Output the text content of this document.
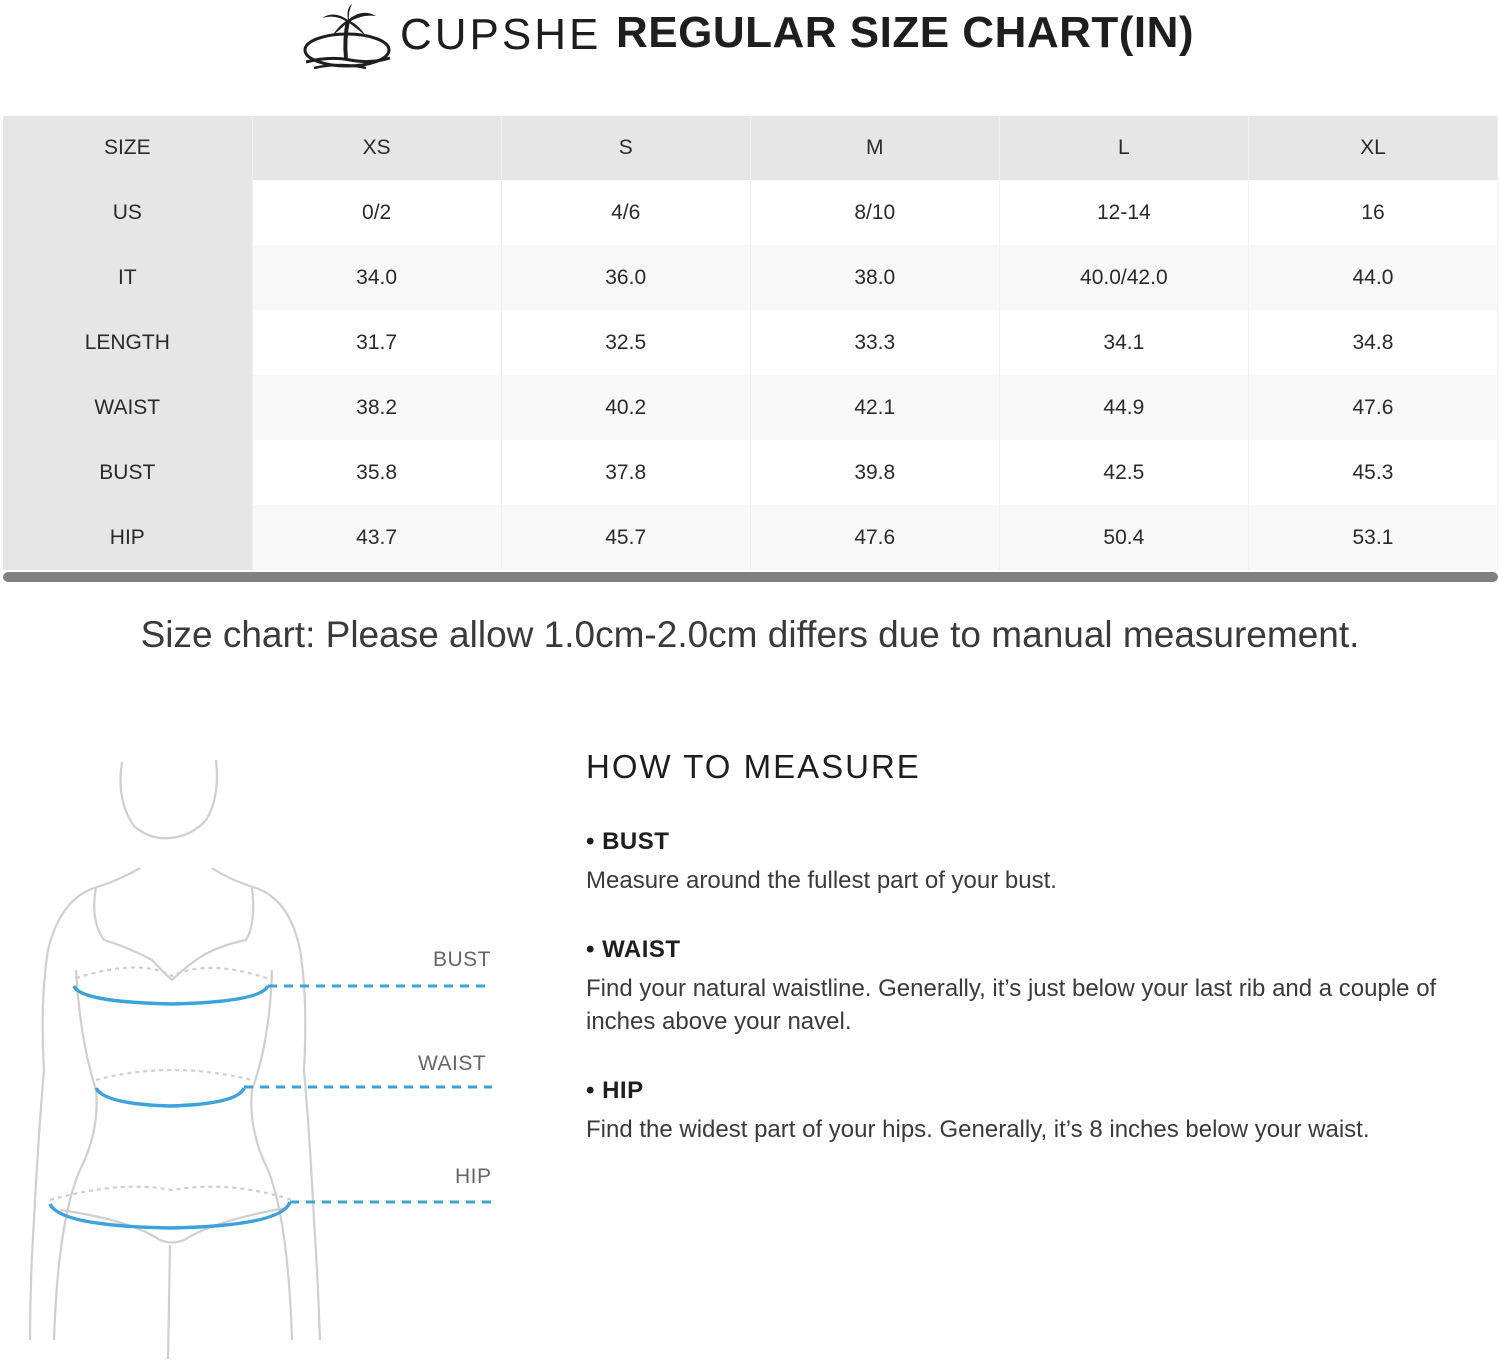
CUPSHE REGULAR SIZE CHART(IN)
SIZE	XS	S	M	L	XL
US	0/2	4/6	8/10	12-14	16
IT	34.0	36.0	38.0	40.0/42.0	44.0
LENGTH	31.7	32.5	33.3	34.1	34.8
WAIST	38.2	40.2	42.1	44.9	47.6
BUST	35.8	37.8	39.8	42.5	45.3
HIP	43.7	45.7	47.6	50.4	53.1
Size chart: Please allow 1.0cm-2.0cm differs due to manual measurement.
BUST
WAIST
HIP
HOW TO MEASURE
• BUST
Measure around the fullest part of your bust.
• WAIST
Find your natural waistline. Generally, it’s just below your last rib and a couple of inches above your navel.
• HIP
Find the widest part of your hips. Generally, it’s 8 inches below your waist.
